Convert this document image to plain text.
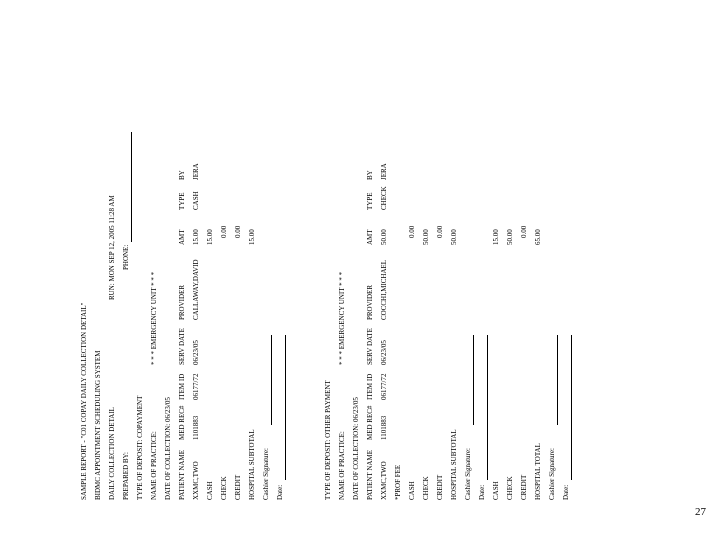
SAMPLE REPORT - "C01 COPAY DAILY COLLECTION DETAIL" BIDMC APPOINTMENT SCHEDULING SYSTEM DAILY COLLECTION DETAIL
RUN: MON SEP 12, 2005 11:28 AM
PREPARED BY:
PHONE:
TYPE OF DEPOSIT: COPAYMENT NAME OF PRACTICE:
* * * EMERGENCY UNIT * * *
DATE OF COLLECTION: 06/23/05 PATIENT NAME
MED REC#
ITEM ID
SERV DATE
PROVIDER
AMT
TYPE
BY
XXMC,TWO
1101883
06177/72
06/23/05
CALLAWAY,DAVID
15.00
CASH
JERA
CASH
15.00
CHECK
0.00
CREDIT
0.00
HOSPITAL SUBTOTAL
15.00
Cashier Signature: Date:	TYPE OF DEPOSIT: OTHER PAYMENT NAME OF PRACTICE:
* * * EMERGENCY UNIT * * *
DATE OF COLLECTION: 06/23/05 PATIENT NAME
MED REC#
ITEM ID
SERV DATE
PROVIDER
AMT
TYPE
BY
XXMC,TWO
1101883
06177/72
06/23/05
COCCHI,MICHAEL
50.00
CHECK
JERA
*PROF FEE CASH
0.00
CHECK
50.00
CREDIT
0.00
HOSPITAL SUBTOTAL
50.00
Cashier Signature: Date: CASH
15.00
CHECK
50.00
CREDIT
0.00
HOSPITAL TOTAL
65.00
Cashier Signature: Date:
27
